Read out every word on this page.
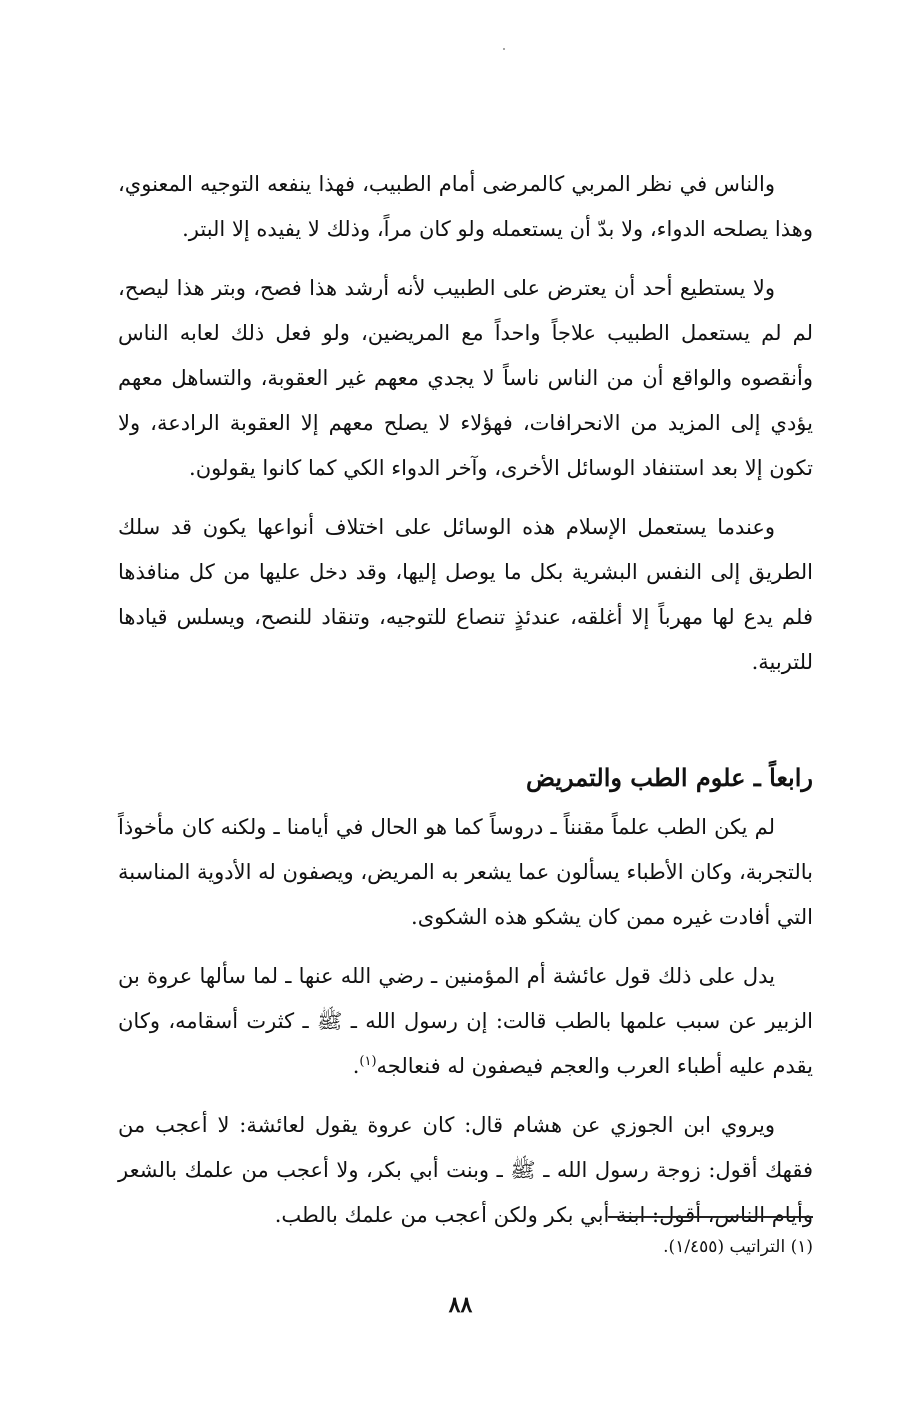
والناس في نظر المربي كالمرضى أمام الطبيب، فهذا ينفعه التوجيه المعنوي، وهذا يصلحه الدواء، ولا بدّ أن يستعمله ولو كان مراً، وذلك لا يفيده إلا البتر.

ولا يستطيع أحد أن يعترض على الطبيب لأنه أرشد هذا فصح، وبتر هذا ليصح، لم لم يستعمل الطبيب علاجاً واحداً مع المريضين، ولو فعل ذلك لعابه الناس وأنقصوه والواقع أن من الناس ناساً لا يجدي معهم غير العقوبة، والتساهل معهم يؤدي إلى المزيد من الانحرافات، فهؤلاء لا يصلح معهم إلا العقوبة الرادعة، ولا تكون إلا بعد استنفاد الوسائل الأخرى، وآخر الدواء الكي كما كانوا يقولون.

وعندما يستعمل الإسلام هذه الوسائل على اختلاف أنواعها يكون قد سلك الطريق إلى النفس البشرية بكل ما يوصل إليها، وقد دخل عليها من كل منافذها فلم يدع لها مهرباً إلا أغلقه، عندئذٍ تنصاع للتوجيه، وتنقاد للنصح، ويسلس قيادها للتربية.

رابعاً ـ علوم الطب والتمريض

لم يكن الطب علماً مقنناً ـ دروساً كما هو الحال في أيامنا ـ ولكنه كان مأخوذاً بالتجربة، وكان الأطباء يسألون عما يشعر به المريض، ويصفون له الأدوية المناسبة التي أفادت غيره ممن كان يشكو هذه الشكوى.

يدل على ذلك قول عائشة أم المؤمنين ـ رضي الله عنها ـ لما سألها عروة بن الزبير عن سبب علمها بالطب قالت: إن رسول الله ـ ﷺ ـ كثرت أسقامه، وكان يقدم عليه أطباء العرب والعجم فيصفون له فنعالجه$^{(١)}$.

ويروي ابن الجوزي عن هشام قال: كان عروة يقول لعائشة: لا أعجب من فقهك أقول: زوجة رسول الله ـ ﷺ ـ وبنت أبي بكر، ولا أعجب من علمك بالشعر وأيام الناس، أقول: ابنة أبي بكر ولكن أعجب من علمك بالطب.

(١) التراتيب (١/٤٥٥).
٨٨
